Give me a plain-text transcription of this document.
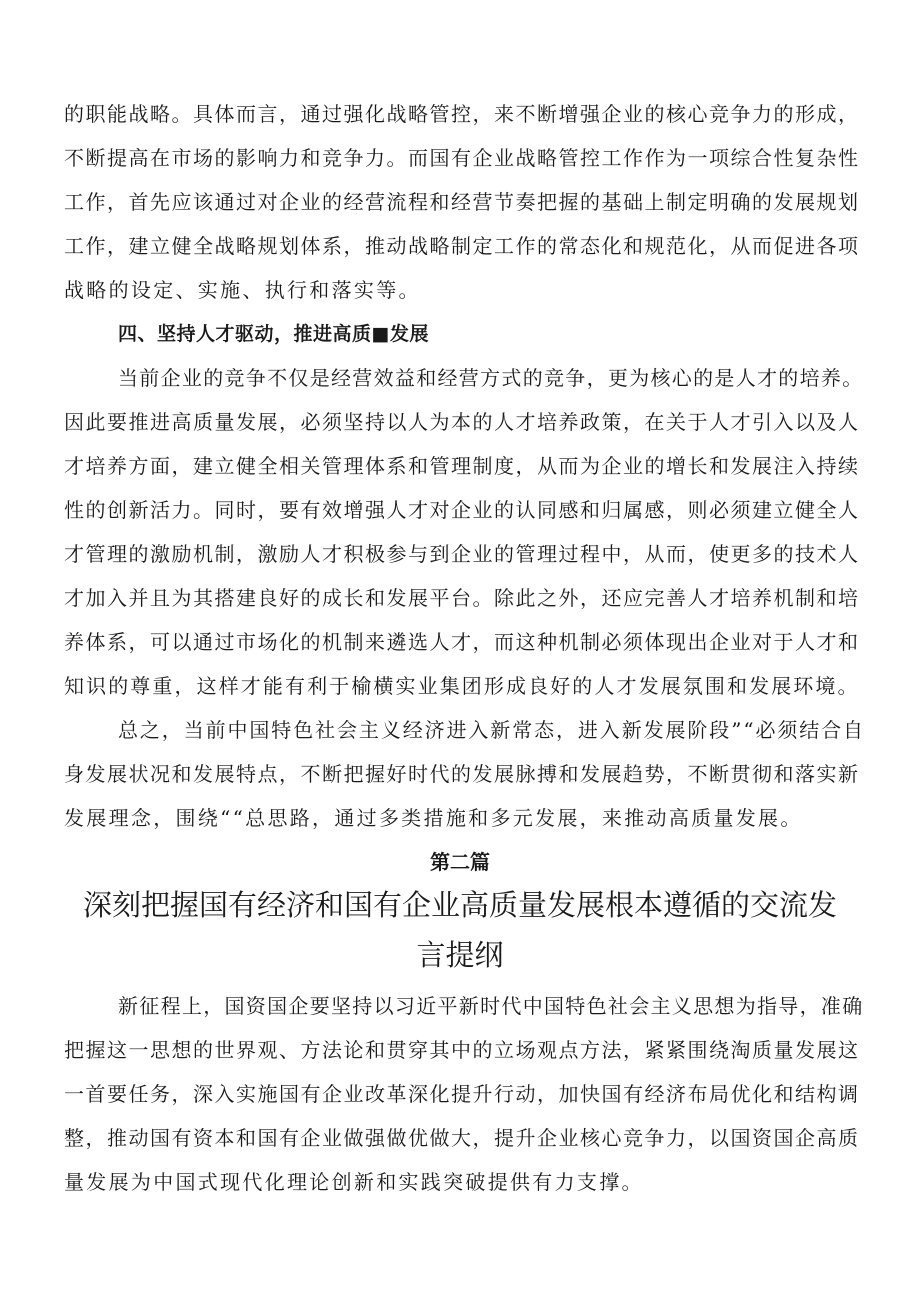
的职能战略。具体而言，通过强化战略管控，来不断增强企业的核心竞争力的形成，
不断提高在市场的影响力和竞争力。而国有企业战略管控工作作为一项综合性复杂性
工作，首先应该通过对企业的经营流程和经营节奏把握的基础上制定明确的发展规划
工作，建立健全战略规划体系，推动战略制定工作的常态化和规范化，从而促进各项
战略的设定、实施、执行和落实等。
四、坚持人才驱动，推进高质■发展
当前企业的竞争不仅是经营效益和经营方式的竞争，更为核心的是人才的培养。
因此要推进高质量发展，必须坚持以人为本的人才培养政策，在关于人才引入以及人
才培养方面，建立健全相关管理体系和管理制度，从而为企业的增长和发展注入持续
性的创新活力。同时，要有效增强人才对企业的认同感和归属感，则必须建立健全人
才管理的激励机制，激励人才积极参与到企业的管理过程中，从而，使更多的技术人
才加入并且为其搭建良好的成长和发展平台。除此之外，还应完善人才培养机制和培
养体系，可以通过市场化的机制来遴选人才，而这种机制必须体现出企业对于人才和
知识的尊重，这样才能有利于榆横实业集团形成良好的人才发展氛围和发展环境。
总之，当前中国特色社会主义经济进入新常态，进入新发展阶段”“必须结合自
身发展状况和发展特点，不断把握好时代的发展脉搏和发展趋势，不断贯彻和落实新
发展理念，围绕““总思路，通过多类措施和多元发展，来推动高质量发展。
第二篇
深刻把握国有经济和国有企业高质量发展根本遵循的交流发
言提纲
新征程上，国资国企要坚持以习近平新时代中国特色社会主义思想为指导，准确
把握这一思想的世界观、方法论和贯穿其中的立场观点方法，紧紧围绕淘质量发展这
一首要任务，深入实施国有企业改革深化提升行动，加快国有经济布局优化和结构调
整，推动国有资本和国有企业做强做优做大，提升企业核心竞争力，以国资国企高质
量发展为中国式现代化理论创新和实践突破提供有力支撑。
